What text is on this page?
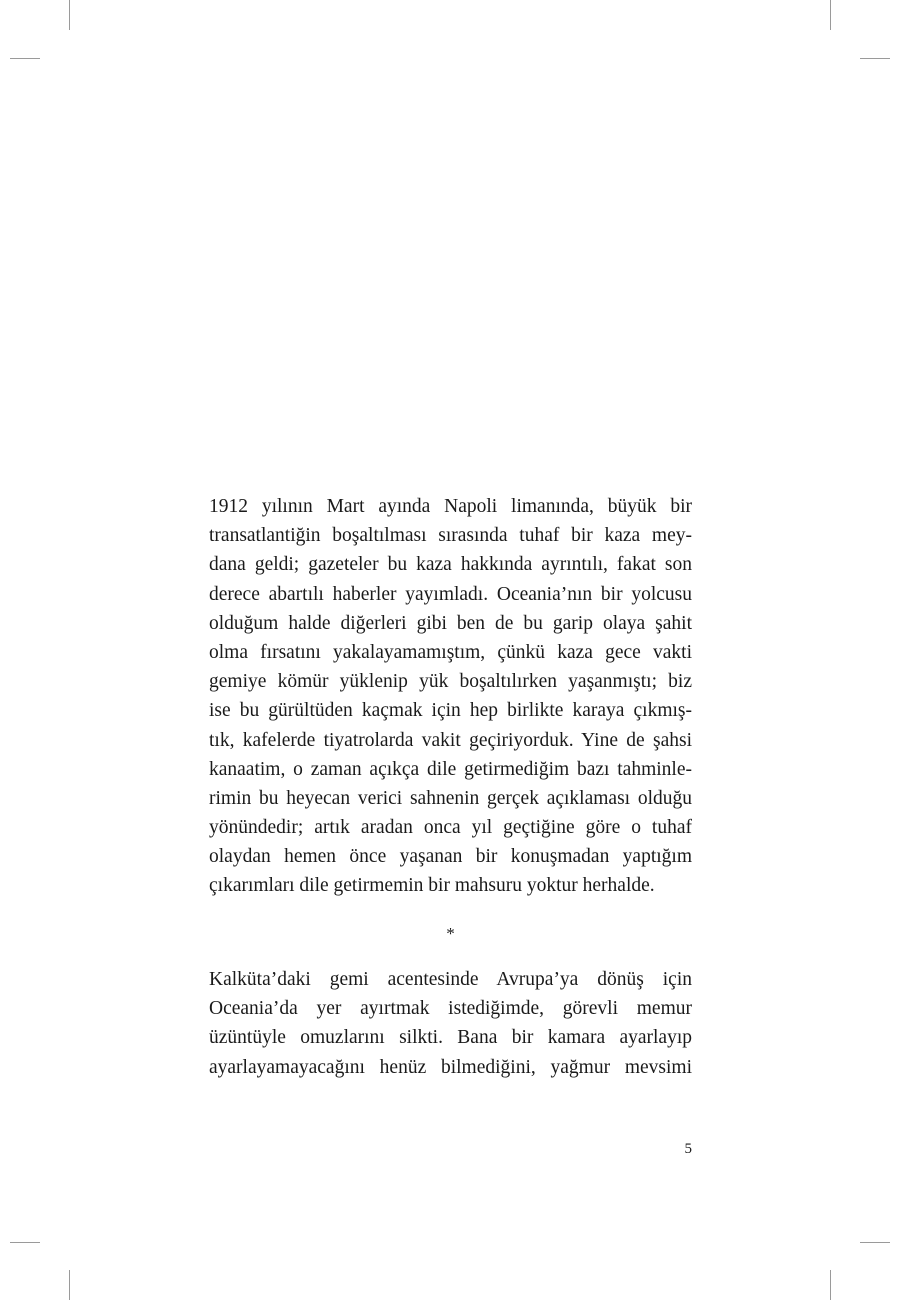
1912 yılının Mart ayında Napoli limanında, büyük bir
transatlantiğin boşaltılması sırasında tuhaf bir kaza mey-
dana geldi; gazeteler bu kaza hakkında ayrıntılı, fakat son
derece abartılı haberler yayımladı. Oceania’nın bir yolcusu
olduğum halde diğerleri gibi ben de bu garip olaya şahit
olma fırsatını yakalayamamıştım, çünkü kaza gece vakti
gemiye kömür yüklenip yük boşaltılırken yaşanmıştı; biz
ise bu gürültüden kaçmak için hep birlikte karaya çıkmış-
tık, kafelerde tiyatrolarda vakit geçiriyorduk. Yine de şahsi
kanaatim, o zaman açıkça dile getirmediğim bazı tahminle-
rimin bu heyecan verici sahnenin gerçek açıklaması olduğu
yönündedir; artık aradan onca yıl geçtiğine göre o tuhaf
olaydan hemen önce yaşanan bir konuşmadan yaptığım
çıkarımları dile getirmemin bir mahsuru yoktur herhalde.
*
Kalküta’daki gemi acentesinde Avrupa’ya dönüş için
Oceania’da yer ayırtmak istediğimde, görevli memur
üzüntüyle omuzlarını silkti. Bana bir kamara ayarlayıp
ayarlayamayacağını henüz bilmediğini, yağmur mevsimi
5
